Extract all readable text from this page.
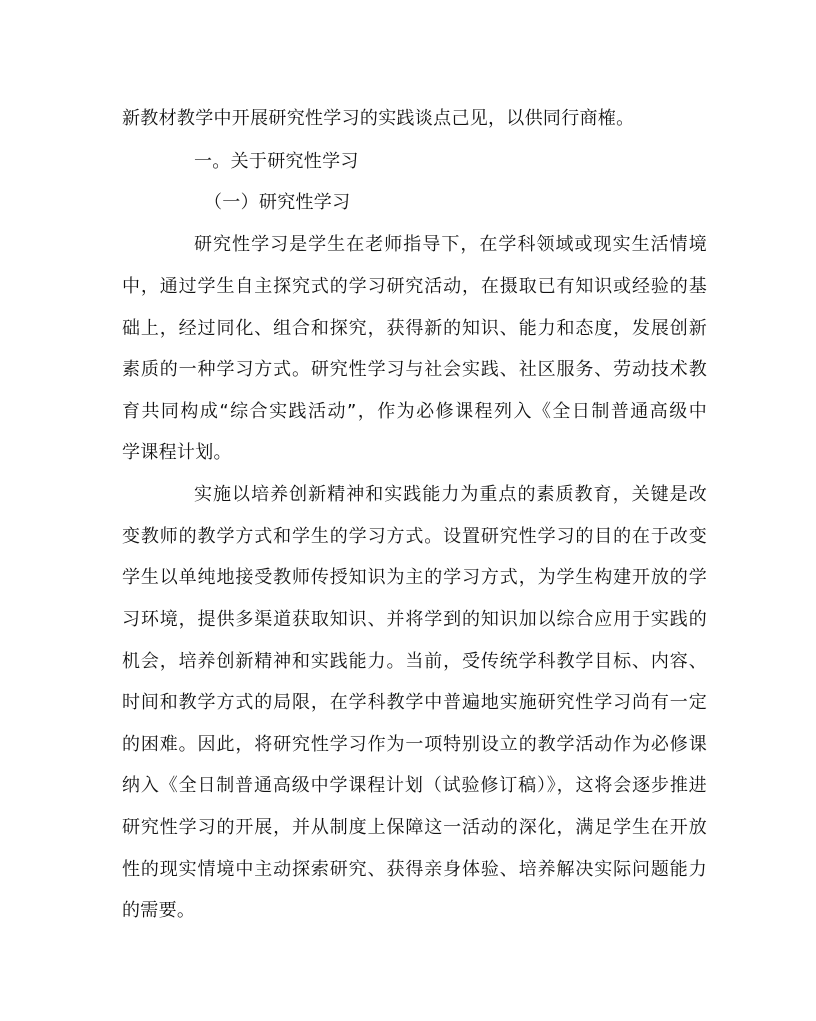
新教材教学中开展研究性学习的实践谈点己见，以供同行商榷。
一。关于研究性学习
（一）研究性学习
研究性学习是学生在老师指导下，在学科领域或现实生活情境
中，通过学生自主探究式的学习研究活动，在摄取已有知识或经验的基
础上，经过同化、组合和探究，获得新的知识、能力和态度，发展创新
素质的一种学习方式。研究性学习与社会实践、社区服务、劳动技术教
育共同构成“综合实践活动”，作为必修课程列入《全日制普通高级中
学课程计划。
实施以培养创新精神和实践能力为重点的素质教育，关键是改
变教师的教学方式和学生的学习方式。设置研究性学习的目的在于改变
学生以单纯地接受教师传授知识为主的学习方式，为学生构建开放的学
习环境，提供多渠道获取知识、并将学到的知识加以综合应用于实践的
机会，培养创新精神和实践能力。当前，受传统学科教学目标、内容、
时间和教学方式的局限，在学科教学中普遍地实施研究性学习尚有一定
的困难。因此，将研究性学习作为一项特别设立的教学活动作为必修课
纳入《全日制普通高级中学课程计划（试验修订稿）》，这将会逐步推进
研究性学习的开展，并从制度上保障这一活动的深化，满足学生在开放
性的现实情境中主动探索研究、获得亲身体验、培养解决实际问题能力
的需要。
